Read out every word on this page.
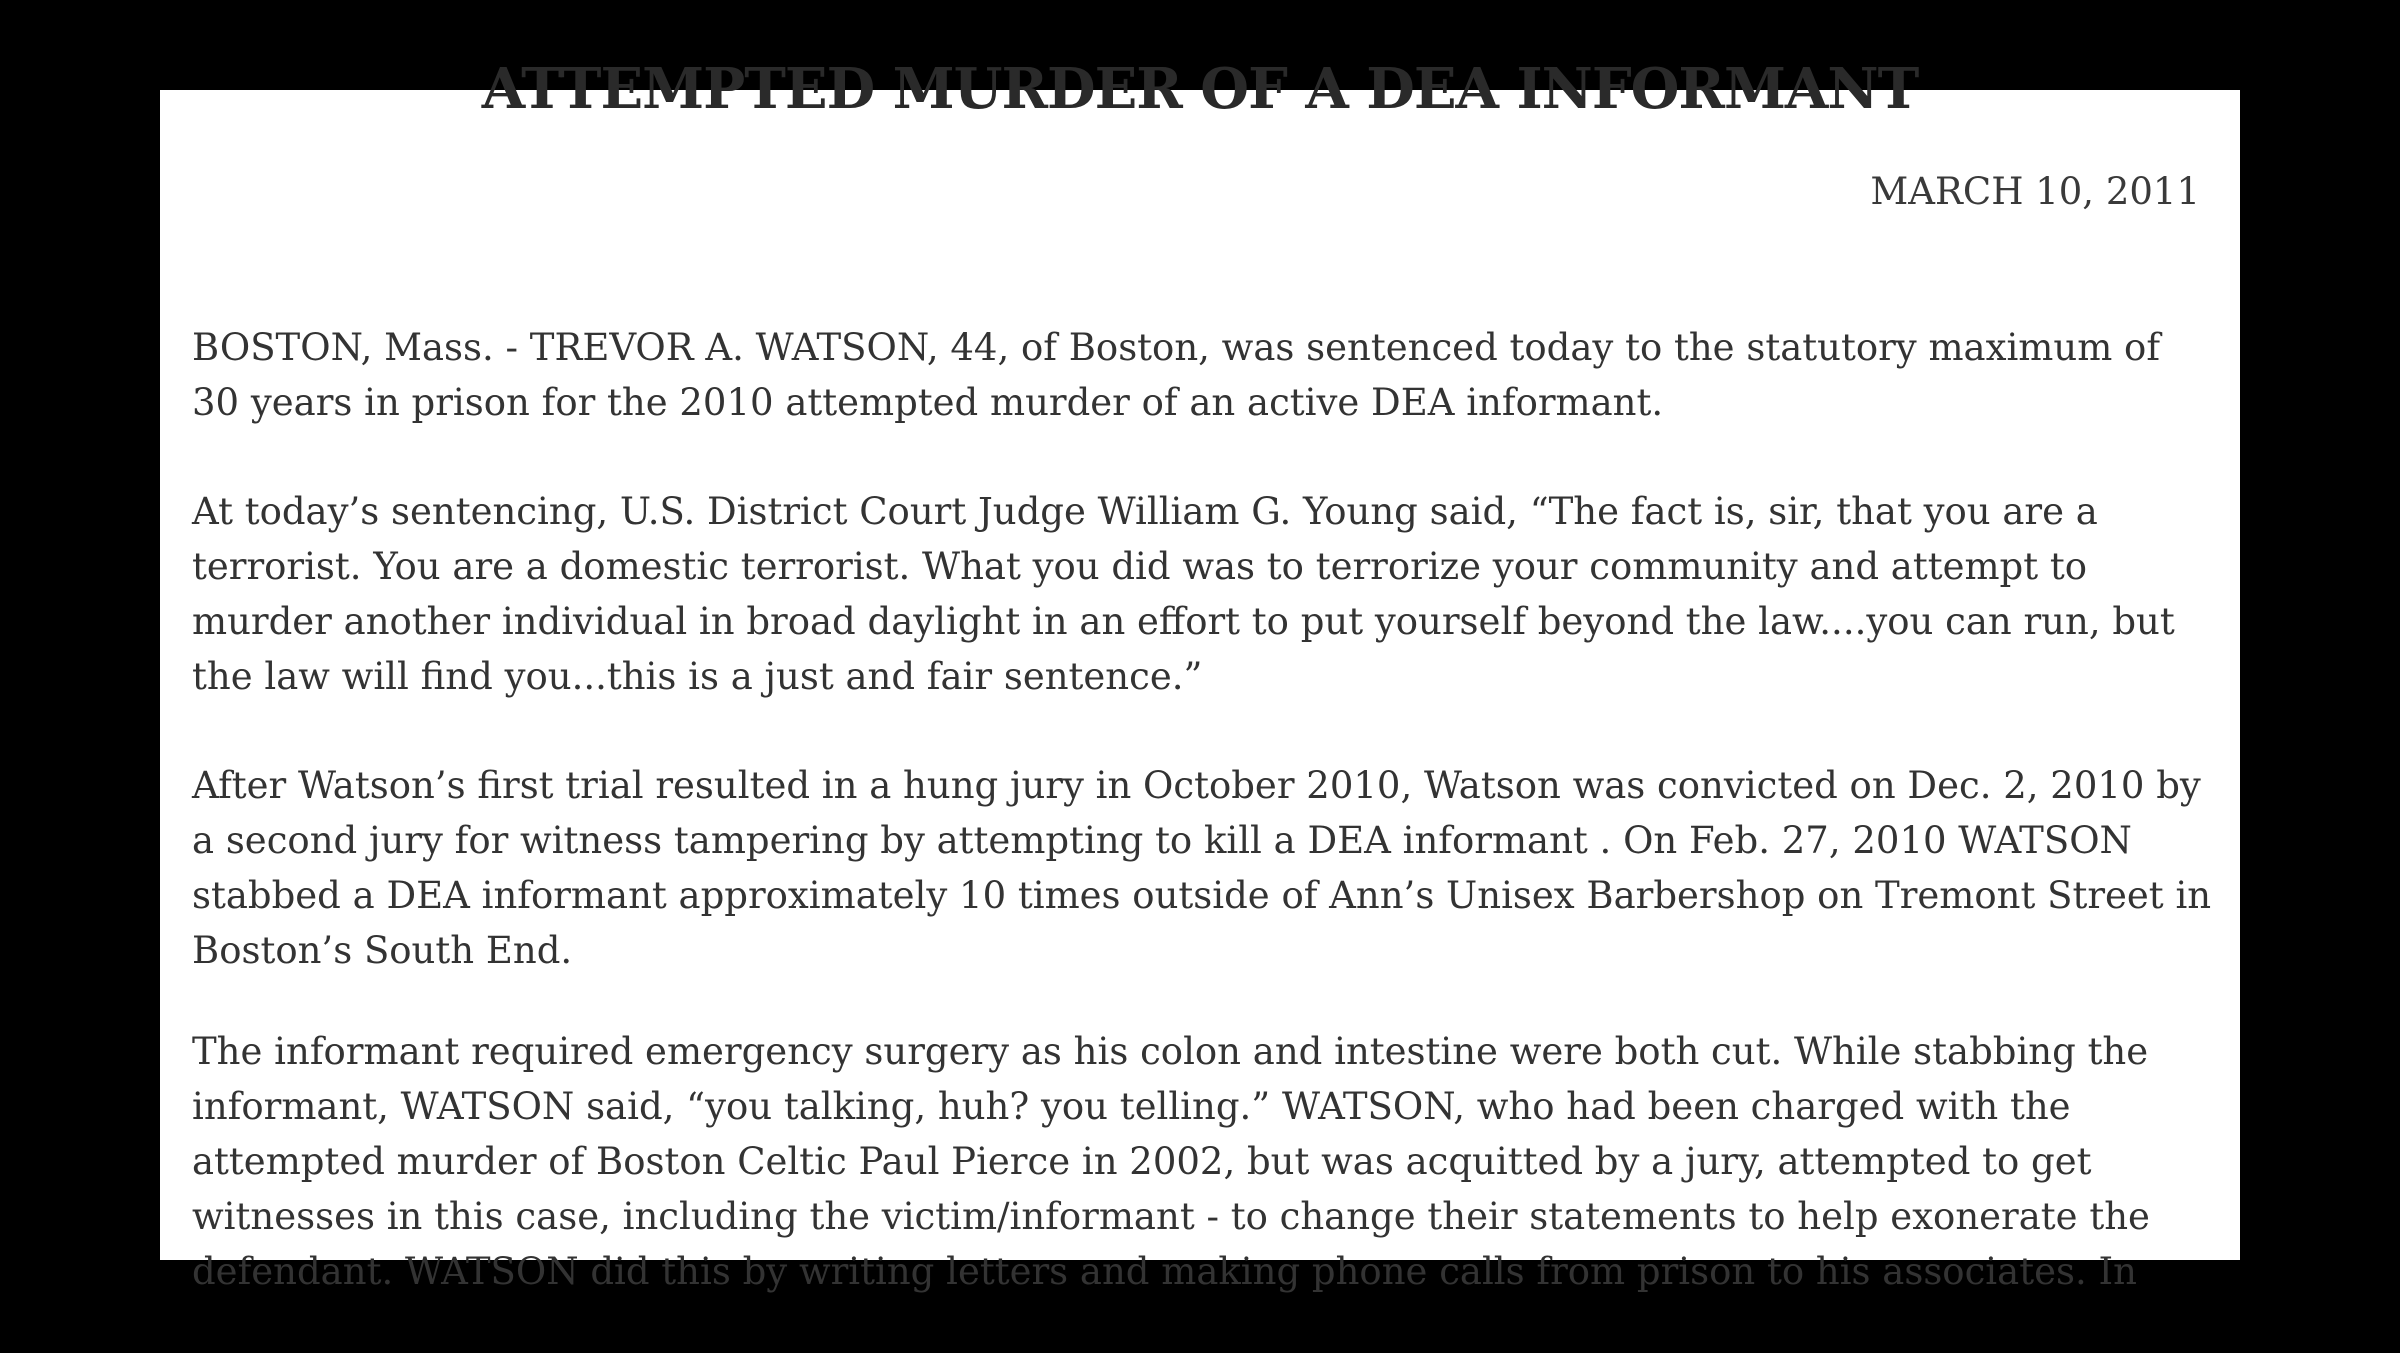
ATTEMPTED MURDER OF A DEA INFORMANT
MARCH 10, 2011

BOSTON, Mass. - TREVOR A. WATSON, 44, of Boston, was sentenced today to the statutory maximum of 30 years in prison for the 2010 attempted murder of an active DEA informant.

At today’s sentencing, U.S. District Court Judge William G. Young said, “The fact is, sir, that you are a terrorist. You are a domestic terrorist. What you did was to terrorize your community and attempt to murder another individual in broad daylight in an effort to put yourself beyond the law....you can run, but the law will find you...this is a just and fair sentence.”

After Watson’s first trial resulted in a hung jury in October 2010, Watson was convicted on Dec. 2, 2010 by a second jury for witness tampering by attempting to kill a DEA informant . On Feb. 27, 2010 WATSON stabbed a DEA informant approximately 10 times outside of Ann’s Unisex Barbershop on Tremont Street in Boston’s South End.

The informant required emergency surgery as his colon and intestine were both cut. While stabbing the informant, WATSON said, “you talking, huh? you telling.” WATSON, who had been charged with the attempted murder of Boston Celtic Paul Pierce in 2002, but was acquitted by a jury, attempted to get witnesses in this case, including the victim/informant - to change their statements to help exonerate the defendant. WATSON did this by writing letters and making phone calls from prison to his associates. In
